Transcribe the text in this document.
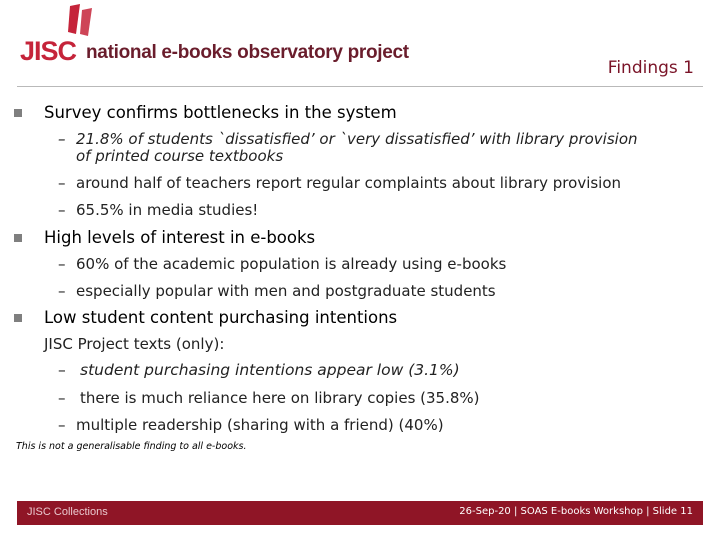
JISC national e-books observatory project
Findings 1
Survey confirms bottlenecks in the system
– 21.8% of students `dissatisfied’ or `very dissatisfied’ with library provision
of printed course textbooks
– around half of teachers report regular complaints about library provision
– 65.5% in media studies!
High levels of interest in e-books
– 60% of the academic population is already using e-books
– especially popular with men and postgraduate students
Low student content purchasing intentions
JISC Project texts (only):
– student purchasing intentions appear low (3.1%)
– there is much reliance here on library copies (35.8%)
– multiple readership (sharing with a friend) (40%)
This is not a generalisable finding to all e-books.
JISC Collections	26-Sep-20 | SOAS E-books Workshop | Slide 11
